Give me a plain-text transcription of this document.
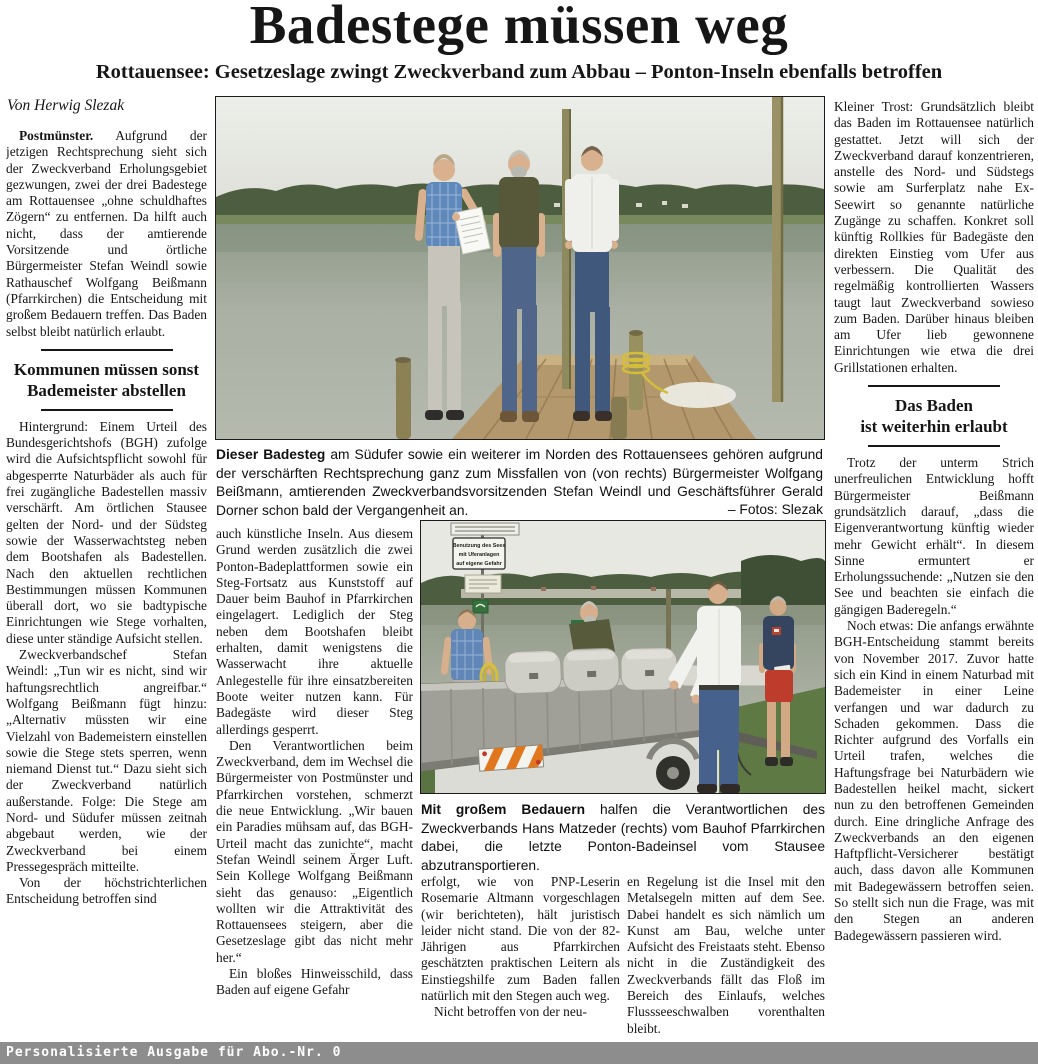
Badestege müssen weg
Rottauensee: Gesetzeslage zwingt Zweckverband zum Abbau – Ponton-Inseln ebenfalls betroffen
Von Herwig Slezak

Postmünster. Aufgrund der jetzigen Rechtsprechung sieht sich der Zweckverband Erholungsgebiet gezwungen, zwei der drei Badestege am Rottauensee „ohne schuldhaftes Zögern“ zu entfernen. Da hilft auch nicht, dass der amtierende Vorsitzende und örtliche Bürgermeister Stefan Weindl sowie Rathauschef Wolfgang Beißmann (Pfarrkirchen) die Entscheidung mit großem Bedauern treffen. Das Baden selbst bleibt natürlich erlaubt.

Kommunen müssen sonst Bademeister abstellen

Hintergrund: Einem Urteil des Bundesgerichtshofs (BGH) zufolge wird die Aufsichtspflicht sowohl für abgesperrte Naturbäder als auch für frei zugängliche Badestellen massiv verschärft. Am örtlichen Stausee gelten der Nord- und der Südsteg sowie der Wasserwachtsteg neben dem Bootshafen als Badestellen. Nach den aktuellen rechtlichen Bestimmungen müssen Kommunen überall dort, wo sie badtypische Einrichtungen wie Stege vorhalten, diese unter ständige Aufsicht stellen.

Zweckverbandschef Stefan Weindl: „Tun wir es nicht, sind wir haftungsrechtlich angreifbar.“ Wolfgang Beißmann fügt hinzu: „Alternativ müssten wir eine Vielzahl von Bademeistern einstellen sowie die Stege stets sperren, wenn niemand Dienst tut.“ Dazu sieht sich der Zweckverband natürlich außerstande. Folge: Die Stege am Nord- und Südufer müssen zeitnah abgebaut werden, wie der Zweckverband bei einem Pressegespräch mitteilte.

Von der höchstrichterlichen Entscheidung betroffen sind

Dieser Badesteg am Südufer sowie ein weiterer im Norden des Rottauensees gehören aufgrund der verschärften Rechtsprechung ganz zum Missfallen von (von rechts) Bürgermeister Wolfgang Beißmann, amtierenden Zweckverbandsvorsitzenden Stefan Weindl und Geschäftsführer Gerald Dorner schon bald der Vergangenheit an.	– Fotos: Slezak

auch künstliche Inseln. Aus diesem Grund werden zusätzlich die zwei Ponton-Badeplattformen sowie ein Steg-Fortsatz aus Kunststoff auf Dauer beim Bauhof in Pfarrkirchen eingelagert. Lediglich der Steg neben dem Bootshafen bleibt erhalten, damit wenigstens die Wasserwacht ihre aktuelle Anlegestelle für ihre einsatzbereiten Boote weiter nutzen kann. Für Badegäste wird dieser Steg allerdings gesperrt.

Den Verantwortlichen beim Zweckverband, dem im Wechsel die Bürgermeister von Postmünster und Pfarrkirchen vorstehen, schmerzt die neue Entwicklung. „Wir bauen ein Paradies mühsam auf, das BGH-Urteil macht das zunichte“, macht Stefan Weindl seinem Ärger Luft. Sein Kollege Wolfgang Beißmann sieht das genauso: „Eigentlich wollten wir die Attraktivität des Rottauensees steigern, aber die Gesetzeslage gibt das nicht mehr her.“

Ein bloßes Hinweisschild, dass Baden auf eigene Gefahr

Benutzung des Sees
mit Uferanlagen
auf eigene Gefahr
Mit großem Bedauern halfen die Verantwortlichen des Zweckverbands Hans Matzeder (rechts) vom Bauhof Pfarrkirchen dabei, die letzte Ponton-Badeinsel vom Stausee abzutransportieren.

erfolgt, wie von PNP-Leserin Rosemarie Altmann vorgeschlagen (wir berichteten), hält juristisch leider nicht stand. Die von der 82-Jährigen aus Pfarrkirchen geschätzten praktischen Leitern als Einstiegshilfe zum Baden fallen natürlich mit den Stegen auch weg.

Nicht betroffen von der neu-

en Regelung ist die Insel mit den Metalsegeln mitten auf dem See. Dabei handelt es sich nämlich um Kunst am Bau, welche unter Aufsicht des Freistaats steht. Ebenso nicht in die Zuständigkeit des Zweckverbands fällt das Floß im Bereich des Einlaufs, welches Flussseeschwalben vorenthalten bleibt.

Kleiner Trost: Grundsätzlich bleibt das Baden im Rottauensee natürlich gestattet. Jetzt will sich der Zweckverband darauf konzentrieren, anstelle des Nord- und Südstegs sowie am Surferplatz nahe Ex-Seewirt so genannte natürliche Zugänge zu schaffen. Konkret soll künftig Rollkies für Badegäste den direkten Einstieg vom Ufer aus verbessern. Die Qualität des regelmäßig kontrollierten Wassers taugt laut Zweckverband sowieso zum Baden. Darüber hinaus bleiben am Ufer lieb gewonnene Einrichtungen wie etwa die drei Grillstationen erhalten.

Das Baden
ist weiterhin erlaubt

Trotz der unterm Strich unerfreulichen Entwicklung hofft Bürgermeister Beißmann grundsätzlich darauf, „dass die Eigenverantwortung künftig wieder mehr Gewicht erhält“. In diesem Sinne ermuntert er Erholungssuchende: „Nutzen sie den See und beachten sie einfach die gängigen Baderegeln.“

Noch etwas: Die anfangs erwähnte BGH-Entscheidung stammt bereits von November 2017. Zuvor hatte sich ein Kind in einem Naturbad mit Bademeister in einer Leine verfangen und war dadurch zu Schaden gekommen. Dass die Richter aufgrund des Vorfalls ein Urteil trafen, welches die Haftungsfrage bei Naturbädern wie Badestellen heikel macht, sickert nun zu den betroffenen Gemeinden durch. Eine dringliche Anfrage des Zweckverbands an den eigenen Haftpflicht-Versicherer bestätigt auch, dass davon alle Kommunen mit Badegewässern betroffen seien. So stellt sich nun die Frage, was mit den Stegen an anderen Badegewässern passieren wird.

Personalisierte Ausgabe für Abo.-Nr. 0
